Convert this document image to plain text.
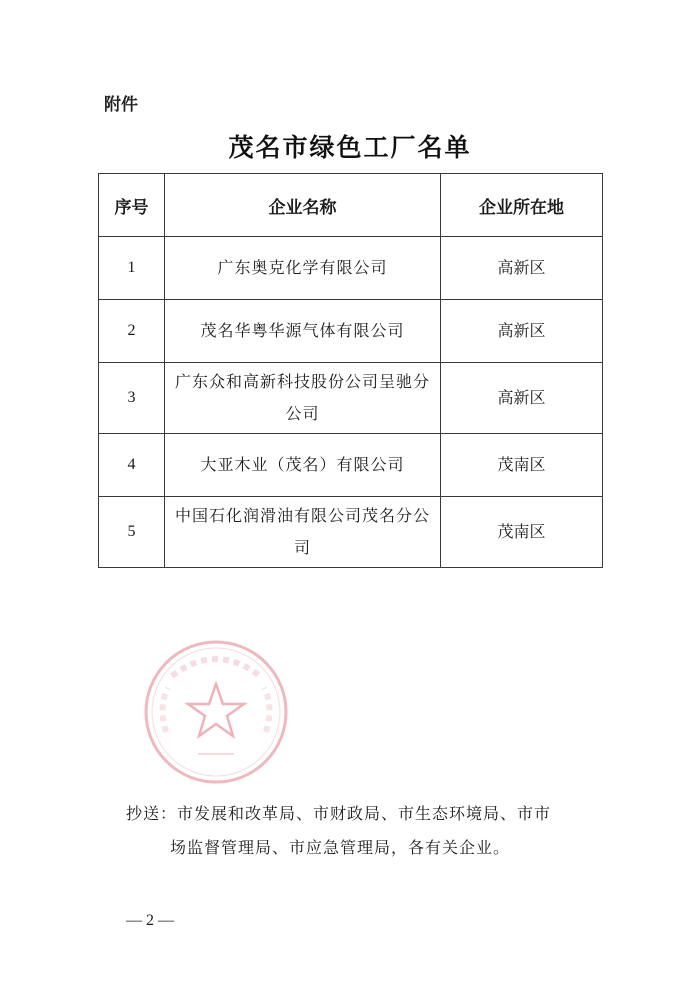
附件
茂名市绿色工厂名单
序号	企业名称	企业所在地
1	广东奥克化学有限公司	高新区
2	茂名华粤华源气体有限公司	高新区
3	广东众和高新科技股份公司呈驰分公司	高新区
4	大亚木业（茂名）有限公司	茂南区
5	中国石化润滑油有限公司茂名分公司	茂南区
抄送：市发展和改革局、市财政局、市生态环境局、市市
场监督管理局、市应急管理局，各有关企业。
— 2 —
